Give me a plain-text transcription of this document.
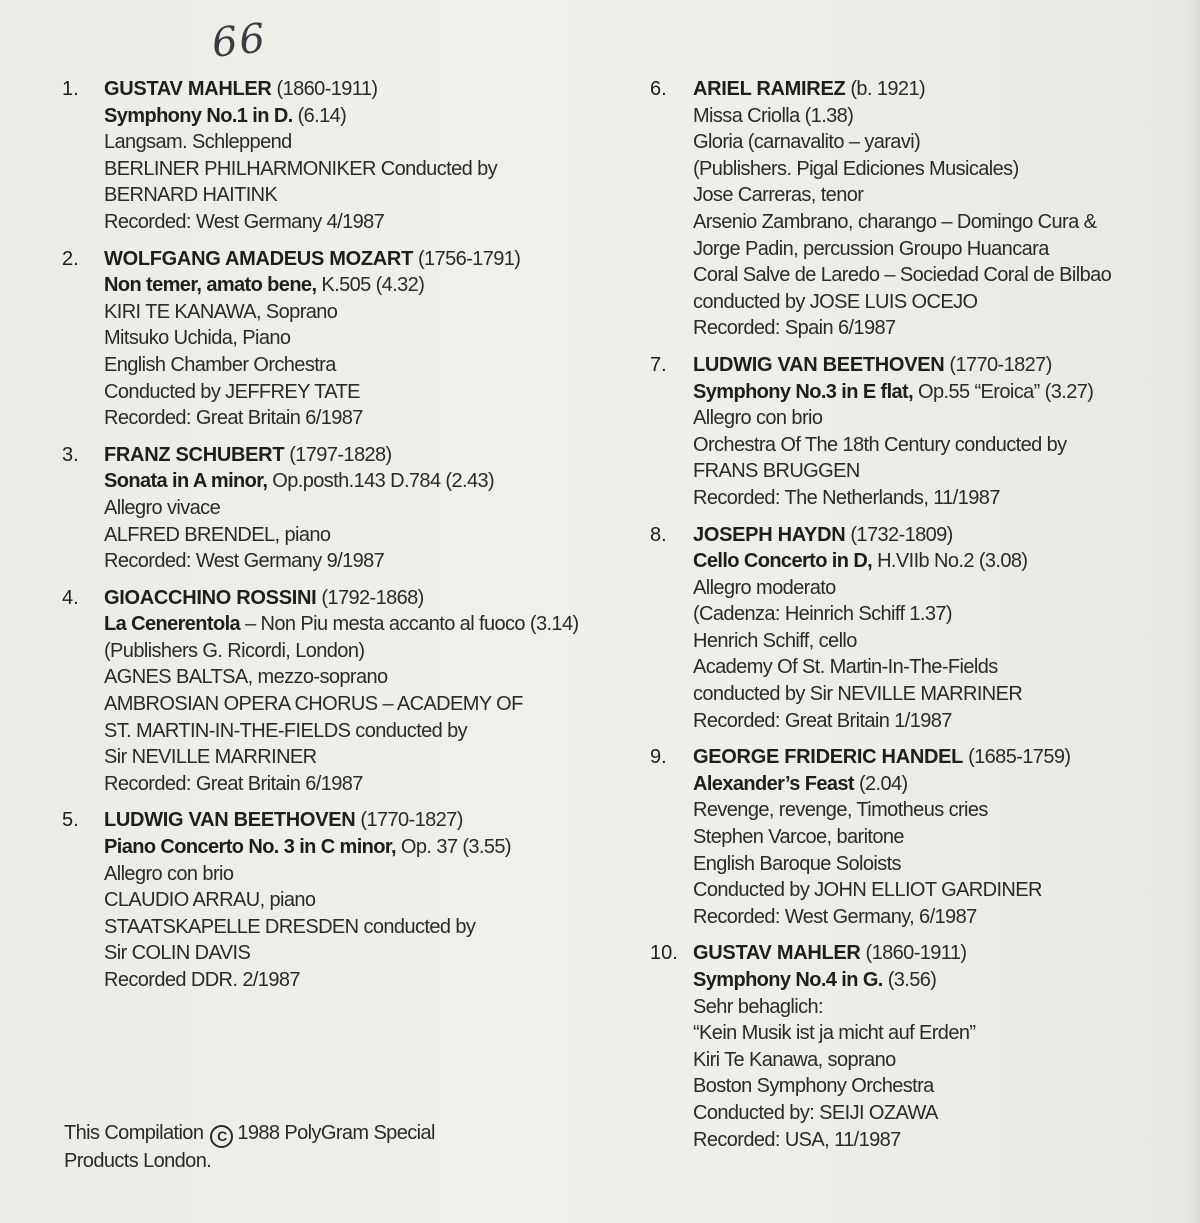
66
1. GUSTAV MAHLER (1860-1911)
Symphony No.1 in D. (6.14)
Langsam. Schleppend
BERLINER PHILHARMONIKER Conducted by
BERNARD HAITINK
Recorded: West Germany 4/1987
2. WOLFGANG AMADEUS MOZART (1756-1791)
Non temer, amato bene, K.505 (4.32)
KIRI TE KANAWA, Soprano
Mitsuko Uchida, Piano
English Chamber Orchestra
Conducted by JEFFREY TATE
Recorded: Great Britain 6/1987
3. FRANZ SCHUBERT (1797-1828)
Sonata in A minor, Op.posth.143 D.784 (2.43)
Allegro vivace
ALFRED BRENDEL, piano
Recorded: West Germany 9/1987
4. GIOACCHINO ROSSINI (1792-1868)
La Cenerentola – Non Piu mesta accanto al fuoco (3.14)
(Publishers G. Ricordi, London)
AGNES BALTSA, mezzo-soprano
AMBROSIAN OPERA CHORUS – ACADEMY OF
ST. MARTIN-IN-THE-FIELDS conducted by
Sir NEVILLE MARRINER
Recorded: Great Britain 6/1987
5. LUDWIG VAN BEETHOVEN (1770-1827)
Piano Concerto No. 3 in C minor, Op. 37 (3.55)
Allegro con brio
CLAUDIO ARRAU, piano
STAATSKAPELLE DRESDEN conducted by
Sir COLIN DAVIS
Recorded DDR. 2/1987
6. ARIEL RAMIREZ (b. 1921)
Missa Criolla (1.38)
Gloria (carnavalito – yaravi)
(Publishers. Pigal Ediciones Musicales)
Jose Carreras, tenor
Arsenio Zambrano, charango – Domingo Cura &
Jorge Padin, percussion Groupo Huancara
Coral Salve de Laredo – Sociedad Coral de Bilbao
conducted by JOSE LUIS OCEJO
Recorded: Spain 6/1987
7. LUDWIG VAN BEETHOVEN (1770-1827)
Symphony No.3 in E flat, Op.55 “Eroica” (3.27)
Allegro con brio
Orchestra Of The 18th Century conducted by
FRANS BRUGGEN
Recorded: The Netherlands, 11/1987
8. JOSEPH HAYDN (1732-1809)
Cello Concerto in D, H.VIIb No.2 (3.08)
Allegro moderato
(Cadenza: Heinrich Schiff 1.37)
Henrich Schiff, cello
Academy Of St. Martin-In-The-Fields
conducted by Sir NEVILLE MARRINER
Recorded: Great Britain 1/1987
9. GEORGE FRIDERIC HANDEL (1685-1759)
Alexander’s Feast (2.04)
Revenge, revenge, Timotheus cries
Stephen Varcoe, baritone
English Baroque Soloists
Conducted by JOHN ELLIOT GARDINER
Recorded: West Germany, 6/1987
10. GUSTAV MAHLER (1860-1911)
Symphony No.4 in G. (3.56)
Sehr behaglich:
“Kein Musik ist ja micht auf Erden”
Kiri Te Kanawa, soprano
Boston Symphony Orchestra
Conducted by: SEIJI OZAWA
Recorded: USA, 11/1987
This Compilation C 1988 PolyGram Special
Products London.
